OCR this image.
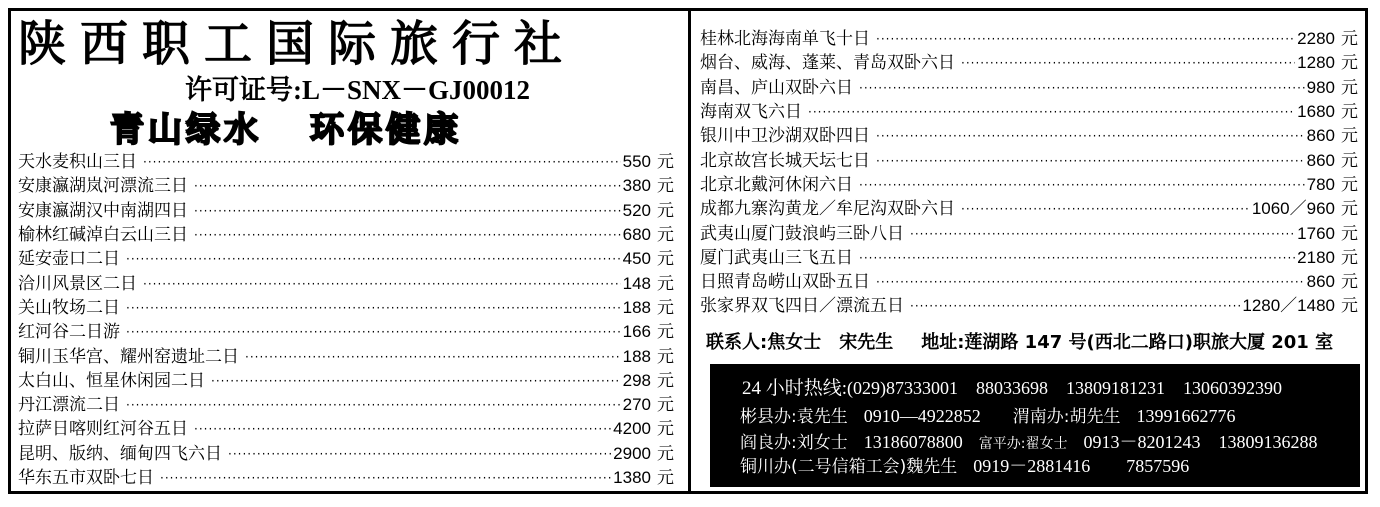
陕西职工国际旅行社
许可证号:L－SNX－GJ00012
青山绿水 环保健康
天水麦积山三日 ·····	550 元
安康瀛湖岚河漂流三日 ·····	380 元
安康瀛湖汉中南湖四日 ·····	520 元
榆林红碱淖白云山三日 ·····	680 元
延安壶口二日 ·····	450 元
洽川风景区二日 ·····	148 元
关山牧场二日 ·····	188 元
红河谷二日游 ·····	166 元
铜川玉华宫、耀州窑遗址二日 ·····	188 元
太白山、恒星休闲园二日 ·····	298 元
丹江漂流二日 ·····	270 元
拉萨日喀则红河谷五日 ·····	4200 元
昆明、版纳、缅甸四飞六日 ·····	2900 元
华东五市双卧七日 ·····	1380 元
桂林北海海南单飞十日 ·····	2280 元
烟台、威海、蓬莱、青岛双卧六日 ·····	1280 元
南昌、庐山双卧六日 ·····	980 元
海南双飞六日 ·····	1680 元
银川中卫沙湖双卧四日 ·····	860 元
北京故宫长城天坛七日 ·····	860 元
北京北戴河休闲六日 ·····	780 元
成都九寨沟黄龙／牟尼沟双卧六日 ·····	1060／960 元
武夷山厦门鼓浪屿三卧八日 ·····	1760 元
厦门武夷山三飞五日 ·····	2180 元
日照青岛崂山双卧五日 ·····	860 元
张家界双飞四日／漂流五日 ·····	1280／1480 元
联系人:焦女士　宋先生 地址:莲湖路 147 号(西北二路口)职旅大厦 201 室
24 小时热线:(029)87333001　88033698　13809181231　13060392390
彬县办:袁先生 0910—4922852 渭南办:胡先生 13991662776
阎良办:刘女士 13186078800 富平办:翟女士 0913－8201243　13809136288
铜川办(二号信箱工会)魏先生 0919－2881416　　7857596
